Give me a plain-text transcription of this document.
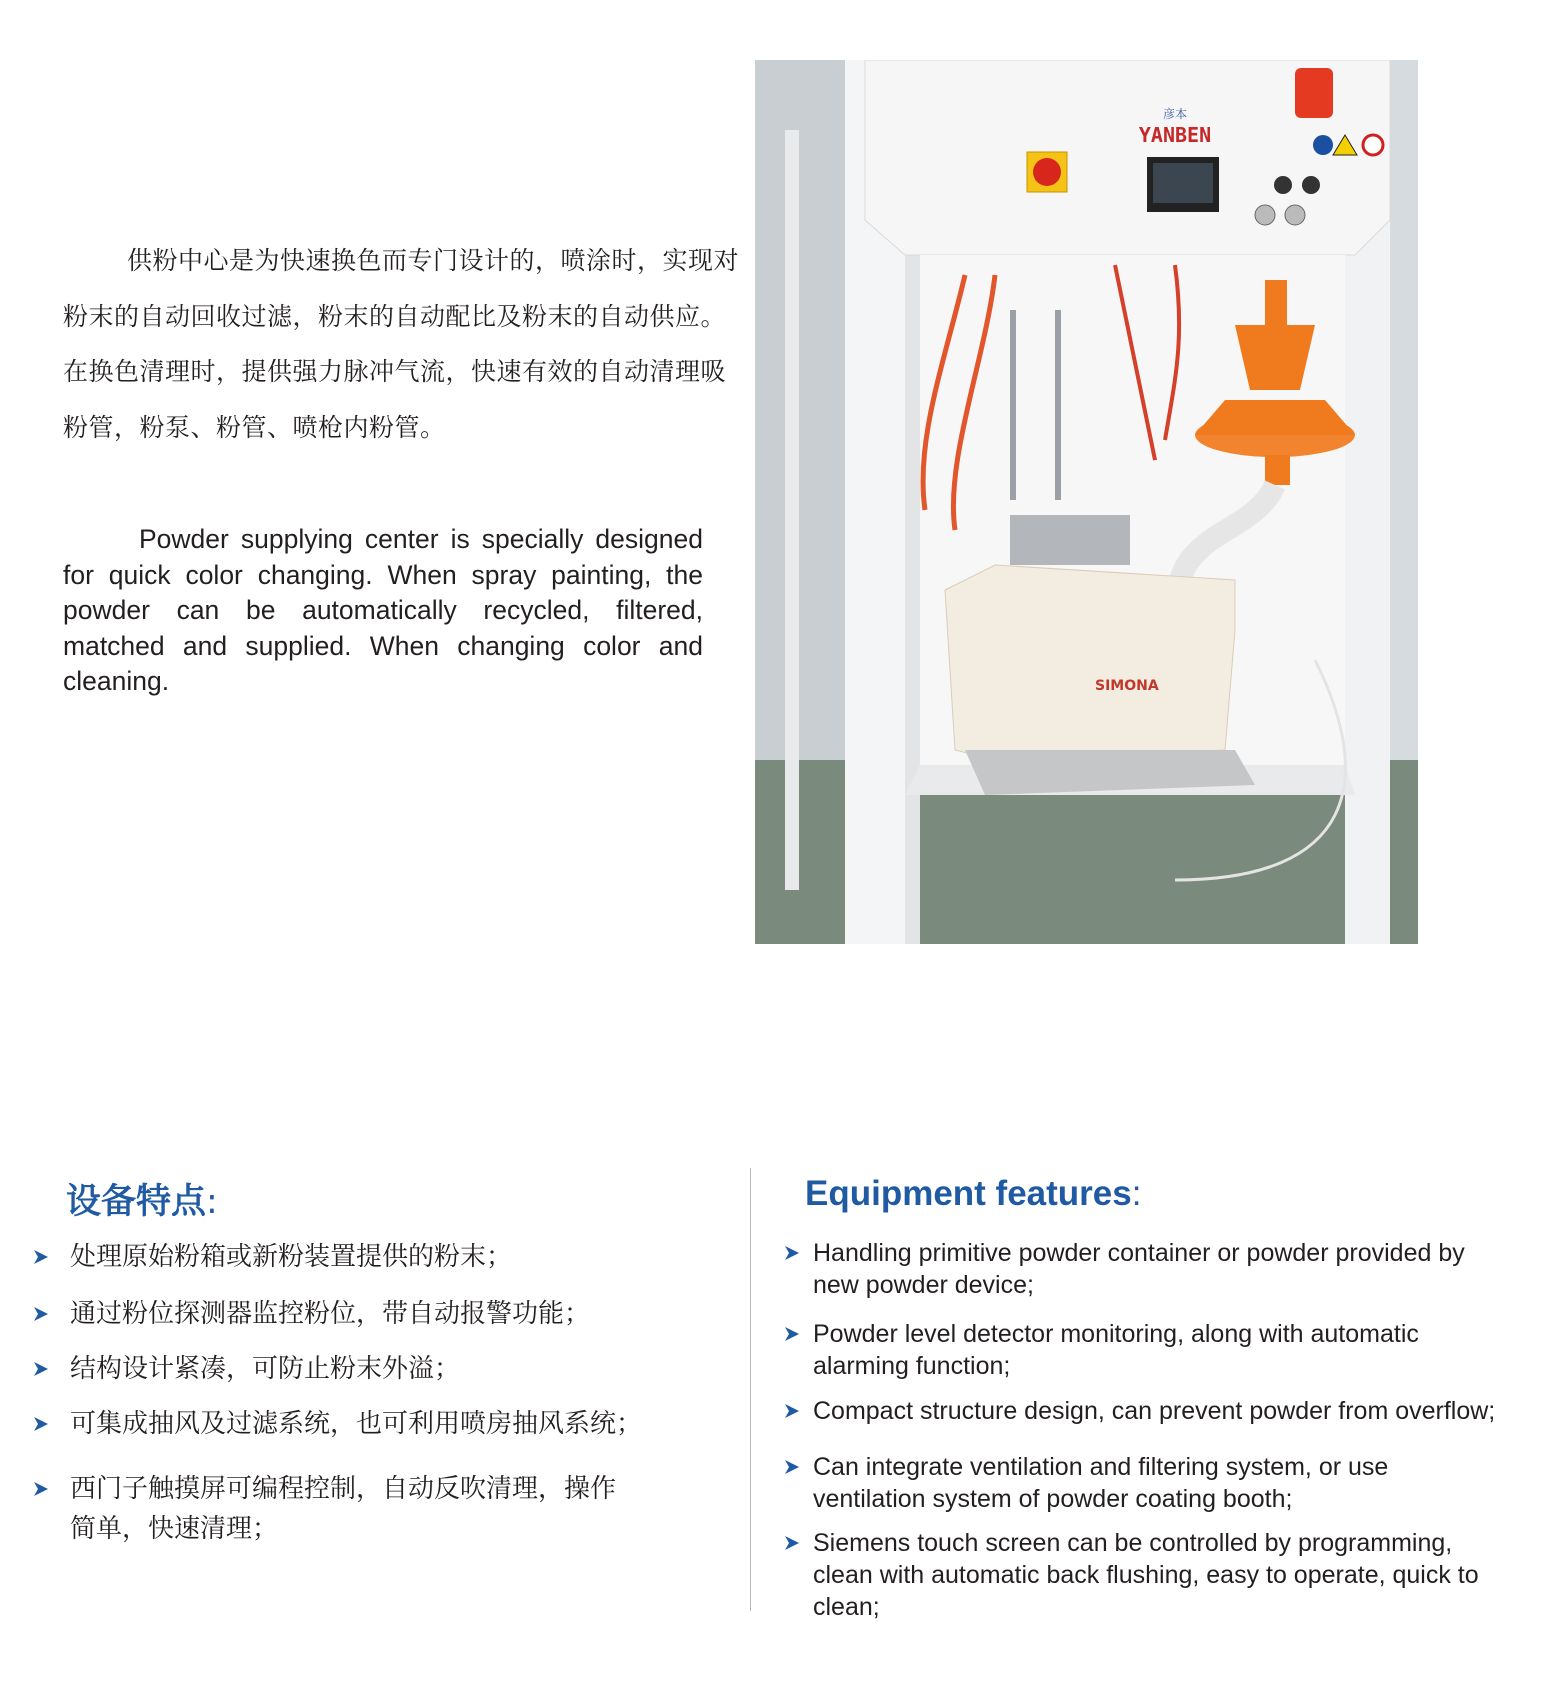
供粉中心是为快速换色而专门设计的，喷涂时，实现对粉末的自动回收过滤，粉末的自动配比及粉末的自动供应。在换色清理时，提供强力脉冲气流，快速有效的自动清理吸粉管，粉泵、粉管、喷枪内粉管。

Powder supplying center is specially designed for quick color changing. When spray painting, the powder can be automatically recycled, filtered, matched and supplied. When changing color and cleaning.

彦本
YANBEN
SIMONA
设备特点:	Equipment features:
处理原始粉箱或新粉装置提供的粉末；
通过粉位探测器监控粉位，带自动报警功能；
结构设计紧凑，可防止粉末外溢；
可集成抽风及过滤系统，也可利用喷房抽风系统；
西门子触摸屏可编程控制，自动反吹清理，操作简单，快速清理；
Handling primitive powder container or powder provided by new powder device;
Powder level detector monitoring, along with automatic alarming function;
Compact structure design, can prevent powder from overflow;
Can integrate ventilation and filtering system, or use ventilation system of powder coating booth;
Siemens touch screen can be controlled by programming, clean with automatic back flushing, easy to operate, quick to clean;
